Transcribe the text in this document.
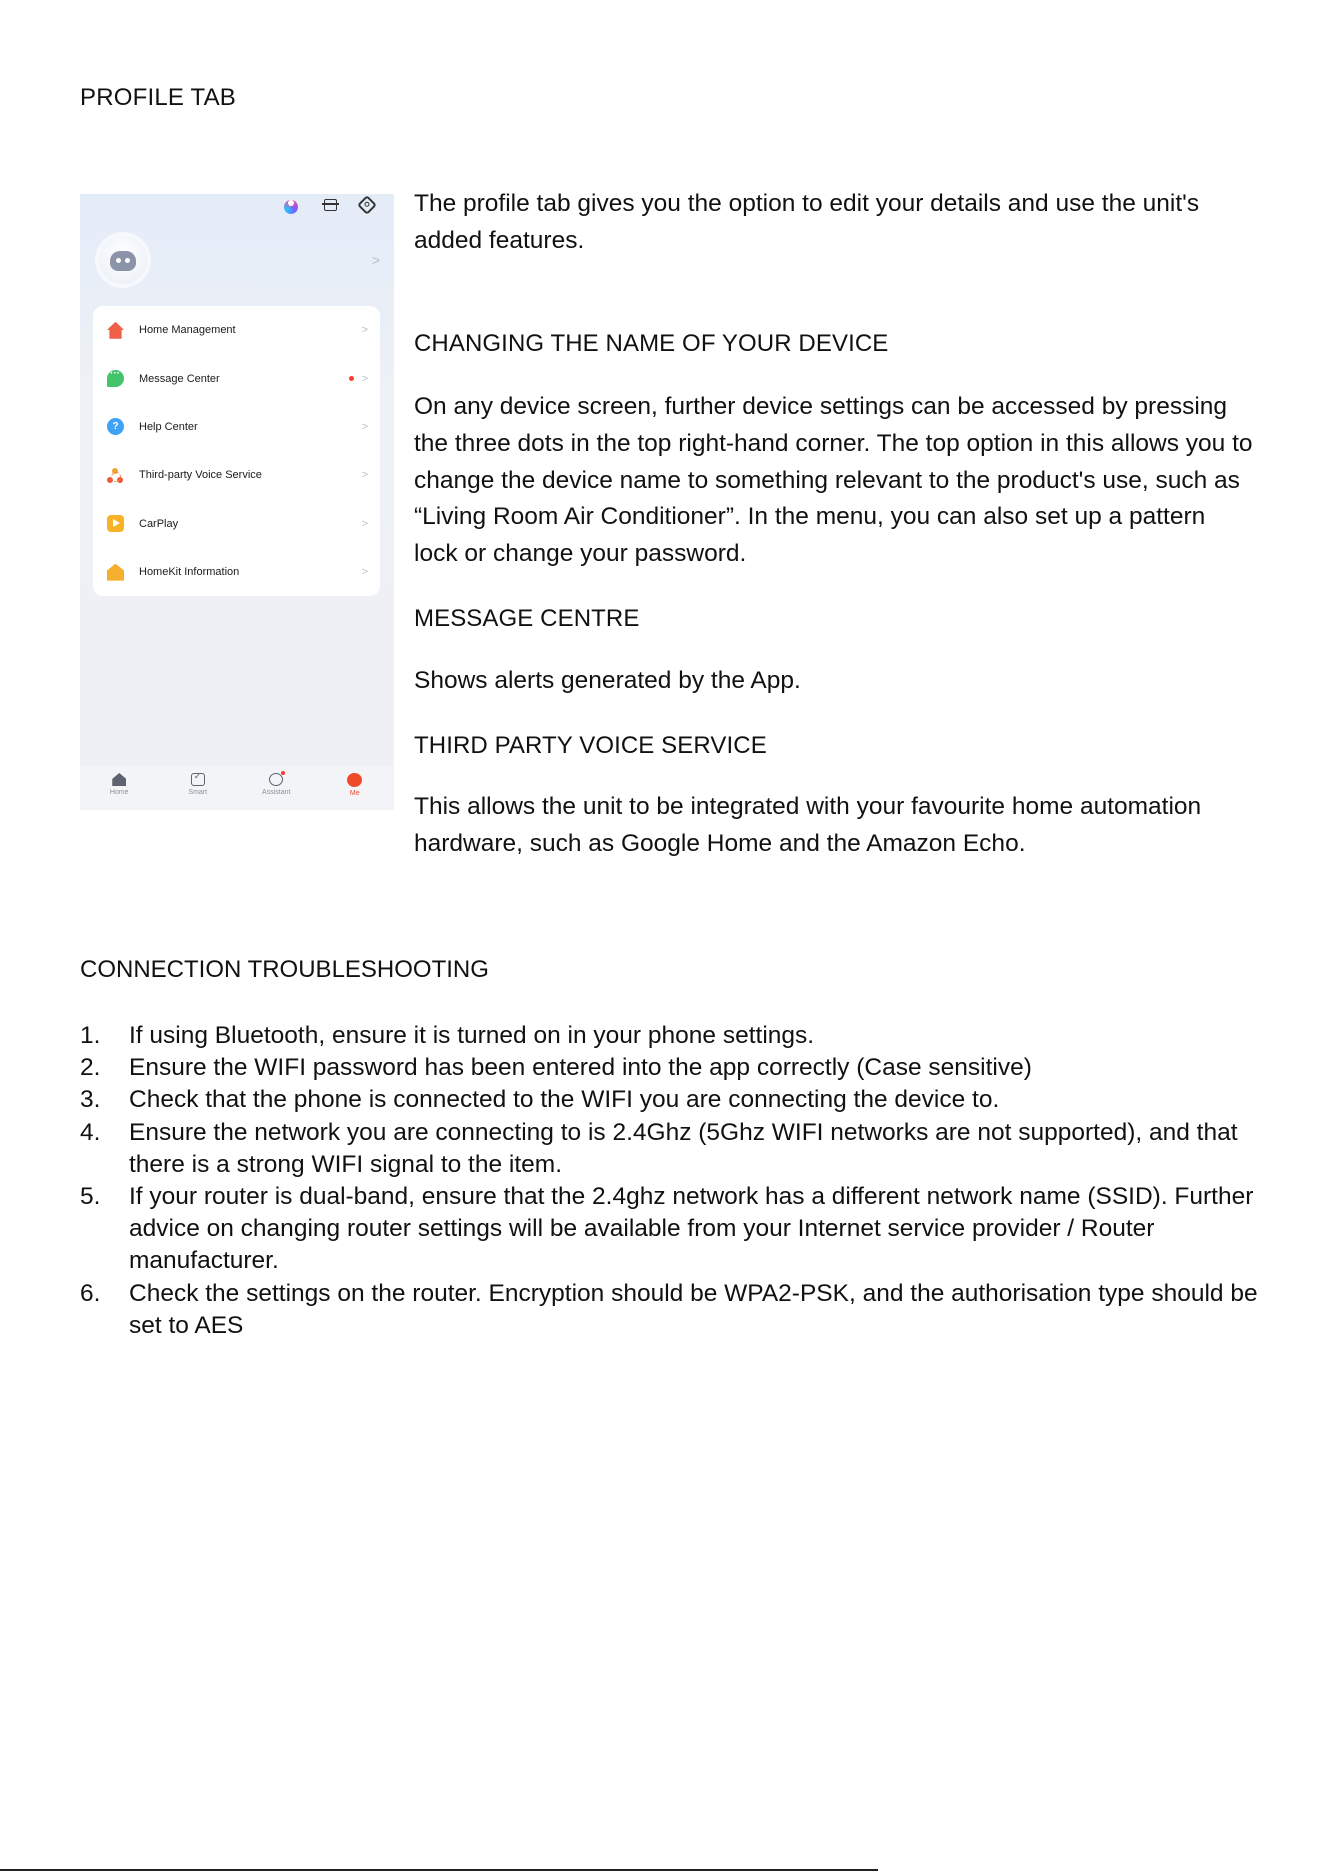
PROFILE TAB
>
Home Management	>
···
Message Center	>
?	Help Center	>
Third-party Voice Service	>
CarPlay	>
HomeKit Information	>
Home
✓	Smart	Assistant	Me

The profile tab gives you the option to edit your details and use the unit's added features.

CHANGING THE NAME OF YOUR DEVICE

On any device screen, further device settings can be accessed by pressing the three dots in the top right-hand corner. The top option in this allows you to change the device name to something relevant to the product's use, such as “Living Room Air Conditioner”. In the menu, you can also set up a pattern lock or change your password.

MESSAGE CENTRE

Shows alerts generated by the App.

THIRD PARTY VOICE SERVICE

This allows the unit to be integrated with your favourite home automation hardware, such as Google Home and the Amazon Echo.

CONNECTION TROUBLESHOOTING
1. If using Bluetooth, ensure it is turned on in your phone settings.
2. Ensure the WIFI password has been entered into the app correctly (Case sensitive)
3. Check that the phone is connected to the WIFI you are connecting the device to.
4. Ensure the network you are connecting to is 2.4Ghz (5Ghz WIFI networks are not supported), and that there is a strong WIFI signal to the item.
5. If your router is dual-band, ensure that the 2.4ghz network has a different network name (SSID). Further advice on changing router settings will be available from your Internet service provider / Router manufacturer.
6. Check the settings on the router. Encryption should be WPA2-PSK, and the authorisation type should be set to AES
